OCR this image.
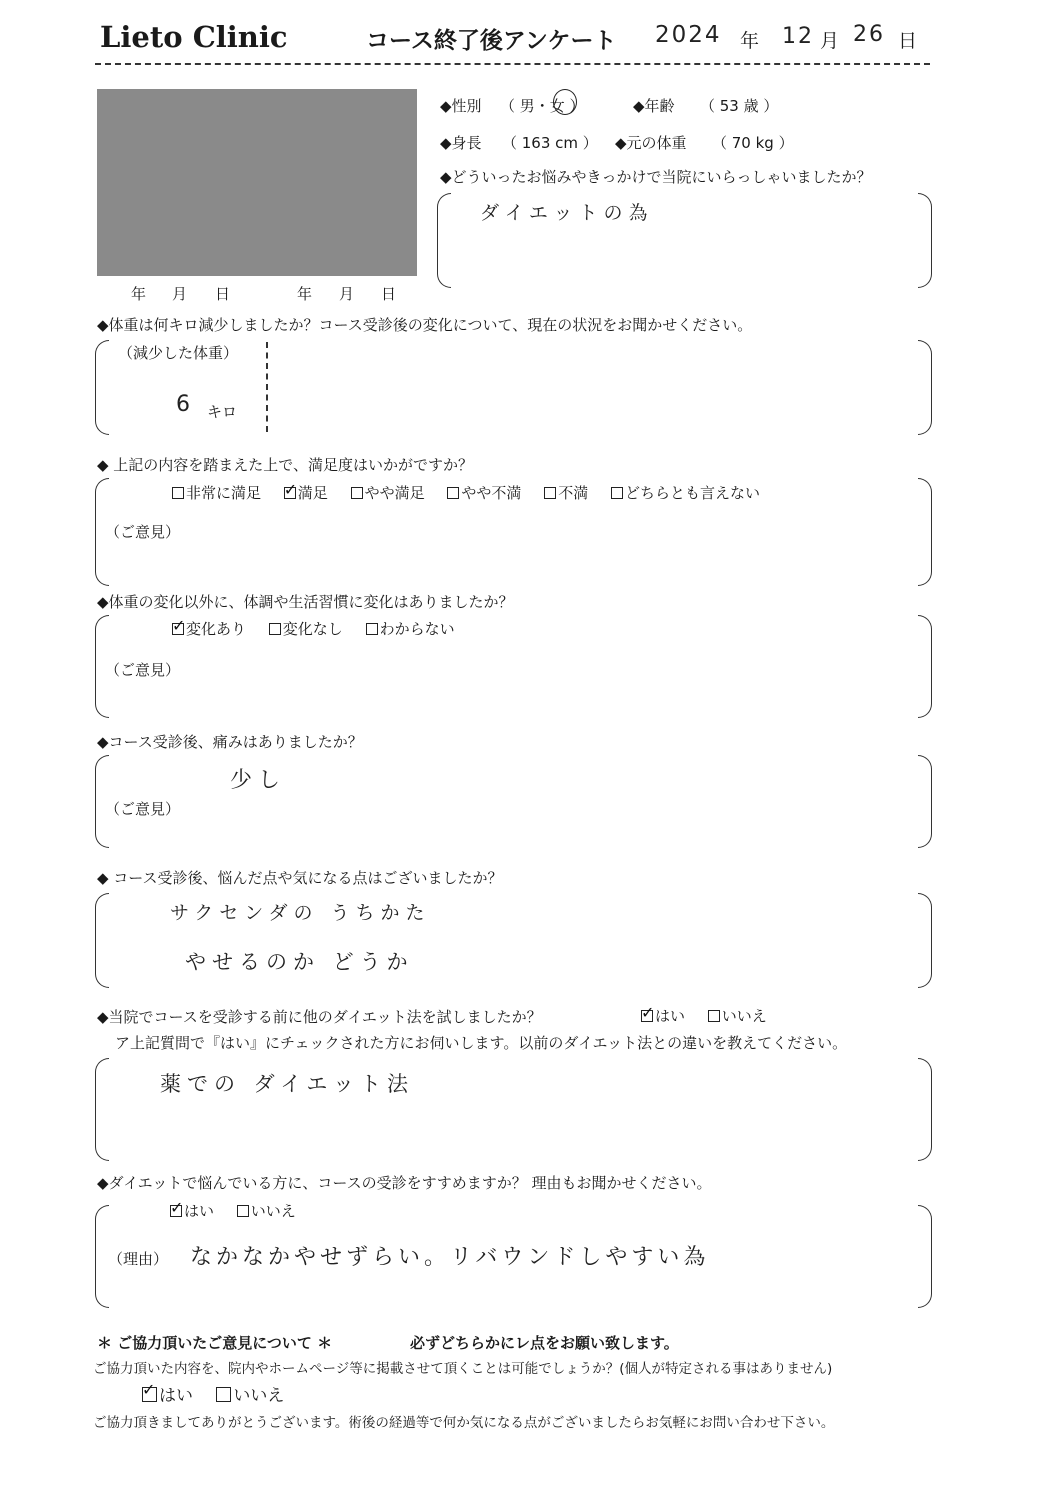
Lieto Clinic	コース終了後アンケート 2024 年 12 月 26 日
年 月 日	年 月 日
◆性別 （ 男・女 ）	◆年齢 （ 53 歳 ）
◆身長 （ 163 cm ） ◆元の体重 （ 70 kg ）
◆どういったお悩みやきっかけで当院にいらっしゃいましたか？
ダイエットの為
◆体重は何キロ減少しましたか？コース受診後の変化について、現在の状況をお聞かせください。
（減少した体重）
6 キロ
◆ 上記の内容を踏まえた上で、満足度はいかがですか？
非常に満足 ✓ 満足 やや満足 やや不満 不満 どちらとも言えない
（ご意見）
◆体重の変化以外に、体調や生活習慣に変化はありましたか？
✓変化あり 変化なし わからない
（ご意見）
◆コース受診後、痛みはありましたか？
少し
（ご意見）
◆ コース受診後、悩んだ点や気になる点はございましたか？
サクセンダの うちかた
やせるのか どうか
◆当院でコースを受診する前に他のダイエット法を試しましたか？ ✓	はい いいえ
ア上記質問で『はい』にチェックされた方にお伺いします。以前のダイエット法との違いを教えてください。
薬での ダイエット法
◆ダイエットで悩んでいる方に、コースの受診をすすめますか？ 理由もお聞かせください。
✓はい いいえ
（理由） なかなかやせずらい。リバウンドしやすい為
＊ ご協力頂いたご意見について ＊	必ずどちらかにレ点をお願い致します。
ご協力頂いた内容を、院内やホームページ等に掲載させて頂くことは可能でしょうか？(個人が特定される事はありません)
✓はい いいえ
ご協力頂きましてありがとうございます。術後の経過等で何か気になる点がございましたらお気軽にお問い合わせ下さい。
